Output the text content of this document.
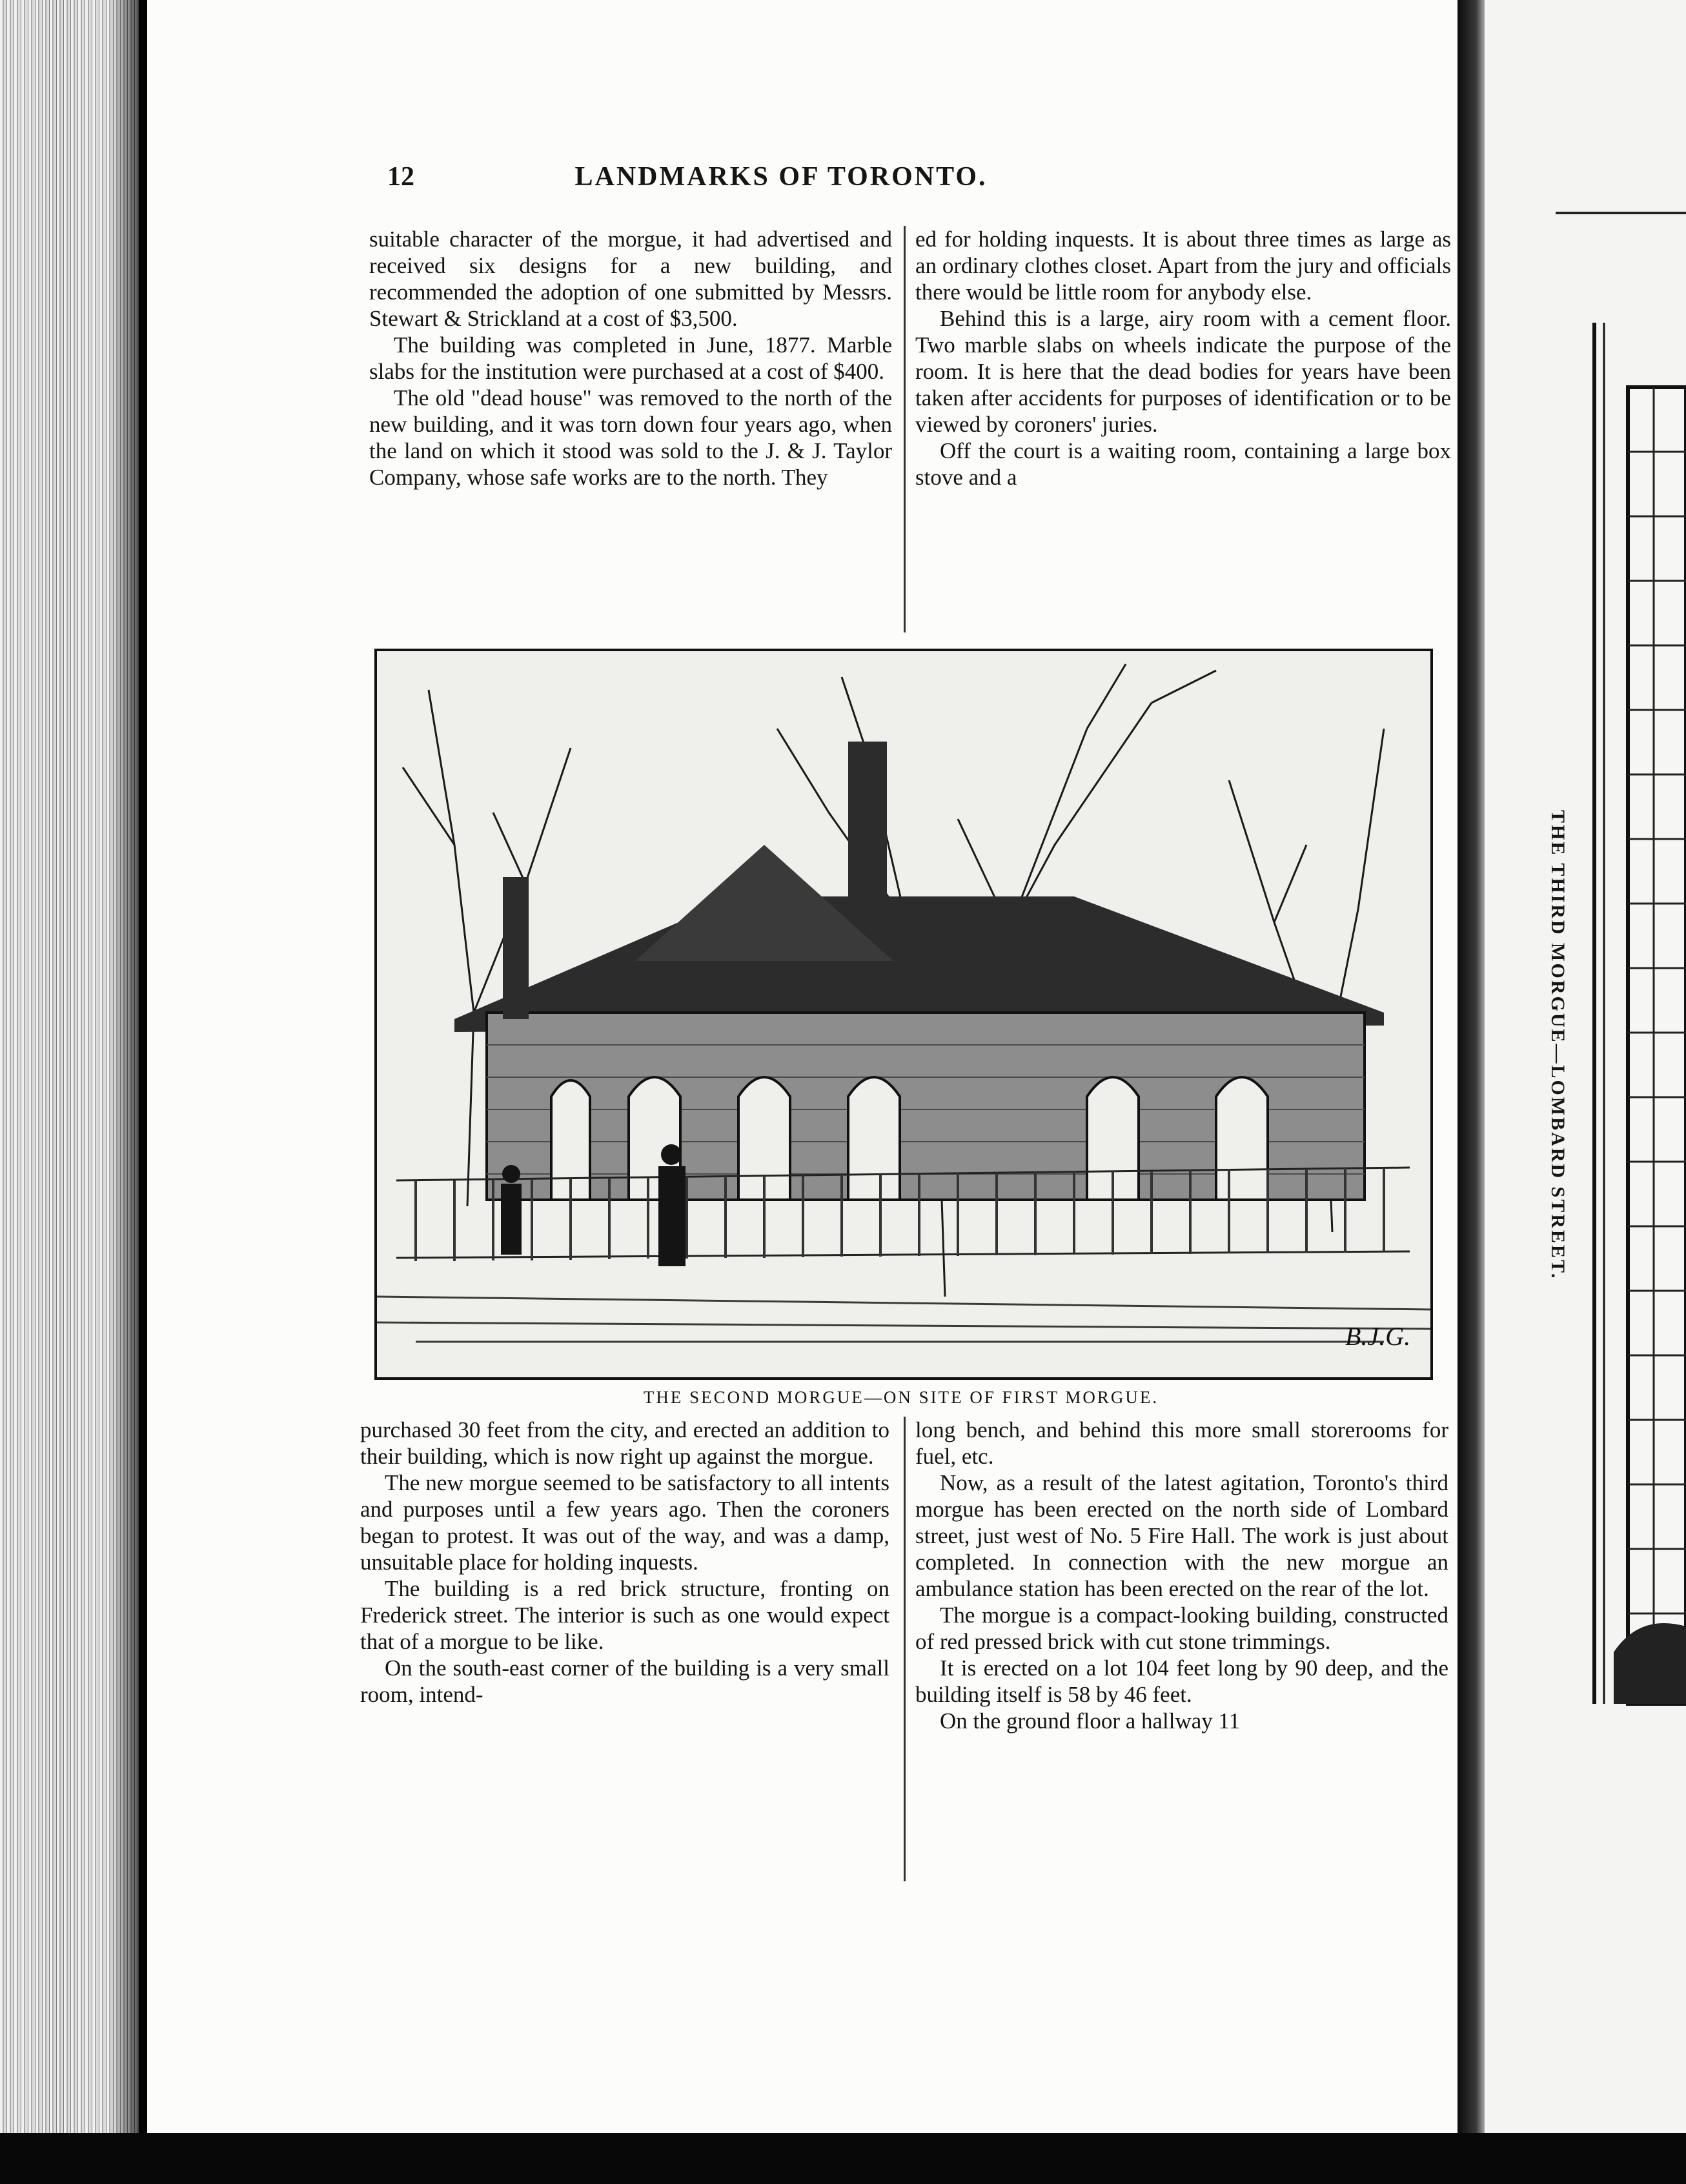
12	LANDMARKS OF TORONTO.

suitable character of the morgue, it had advertised and received six designs for a new building, and recommended the adoption of one submitted by Messrs. Stewart & Strickland at a cost of $3,500.

The building was completed in June, 1877. Marble slabs for the institution were purchased at a cost of $400.

The old "dead house" was removed to the north of the new building, and it was torn down four years ago, when the land on which it stood was sold to the J. & J. Taylor Company, whose safe works are to the north. They

ed for holding inquests. It is about three times as large as an ordinary clothes closet. Apart from the jury and officials there would be little room for anybody else.

Behind this is a large, airy room with a cement floor. Two marble slabs on wheels indicate the purpose of the room. It is here that the dead bodies for years have been taken after accidents for purposes of identification or to be viewed by coroners' juries.

Off the court is a waiting room, containing a large box stove and a

B.J.G.
THE SECOND MORGUE—ON SITE OF FIRST MORGUE.

purchased 30 feet from the city, and erected an addition to their building, which is now right up against the morgue.

The new morgue seemed to be satisfactory to all intents and purposes until a few years ago. Then the coroners began to protest. It was out of the way, and was a damp, unsuitable place for holding inquests.

The building is a red brick structure, fronting on Frederick street. The interior is such as one would expect that of a morgue to be like.

On the south-east corner of the building is a very small room, intend-

long bench, and behind this more small storerooms for fuel, etc.

Now, as a result of the latest agitation, Toronto's third morgue has been erected on the north side of Lombard street, just west of No. 5 Fire Hall. The work is just about completed. In connection with the new morgue an ambulance station has been erected on the rear of the lot.

The morgue is a compact-looking building, constructed of red pressed brick with cut stone trimmings.

It is erected on a lot 104 feet long by 90 deep, and the building itself is 58 by 46 feet.

On the ground floor a hallway 11

THE THIRD MORGUE—LOMBARD STREET.
